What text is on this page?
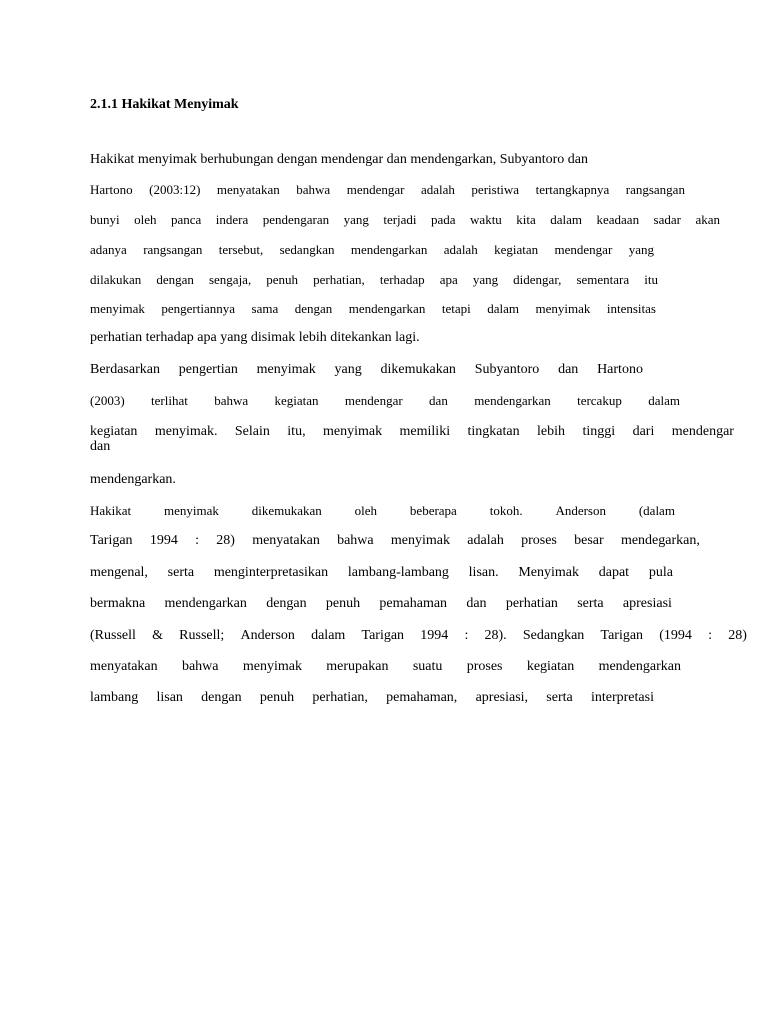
2.1.1 Hakikat Menyimak
Hakikat menyimak berhubungan dengan mendengar dan mendengarkan, Subyantoro dan
Hartono (2003:12) menyatakan bahwa mendengar adalah peristiwa tertangkapnya rangsangan
bunyi oleh panca indera pendengaran yang terjadi pada waktu kita dalam keadaan sadar akan
adanya rangsangan tersebut, sedangkan mendengarkan adalah kegiatan mendengar yang
dilakukan dengan sengaja, penuh perhatian, terhadap apa yang didengar, sementara itu
menyimak pengertiannya sama dengan mendengarkan tetapi dalam menyimak intensitas
perhatian terhadap apa yang disimak lebih ditekankan lagi.
Berdasarkan pengertian menyimak yang dikemukakan Subyantoro dan Hartono
(2003) terlihat bahwa kegiatan mendengar dan mendengarkan tercakup dalam
kegiatan menyimak. Selain itu, menyimak memiliki tingkatan lebih tinggi dari mendengar
dan
mendengarkan.
Hakikat	menyimak	dikemukakan	oleh	beberapa	tokoh.	Anderson	(dalam
Tarigan 1994 : 28) menyatakan bahwa menyimak adalah proses besar mendegarkan,
mengenal, serta menginterpretasikan lambang-lambang lisan. Menyimak dapat pula
bermakna mendengarkan dengan penuh pemahaman dan perhatian serta apresiasi
(Russell & Russell; Anderson dalam Tarigan 1994 : 28). Sedangkan Tarigan (1994 : 28)
menyatakan bahwa menyimak merupakan suatu proses kegiatan mendengarkan
lambang lisan dengan penuh perhatian, pemahaman, apresiasi, serta interpretasi
